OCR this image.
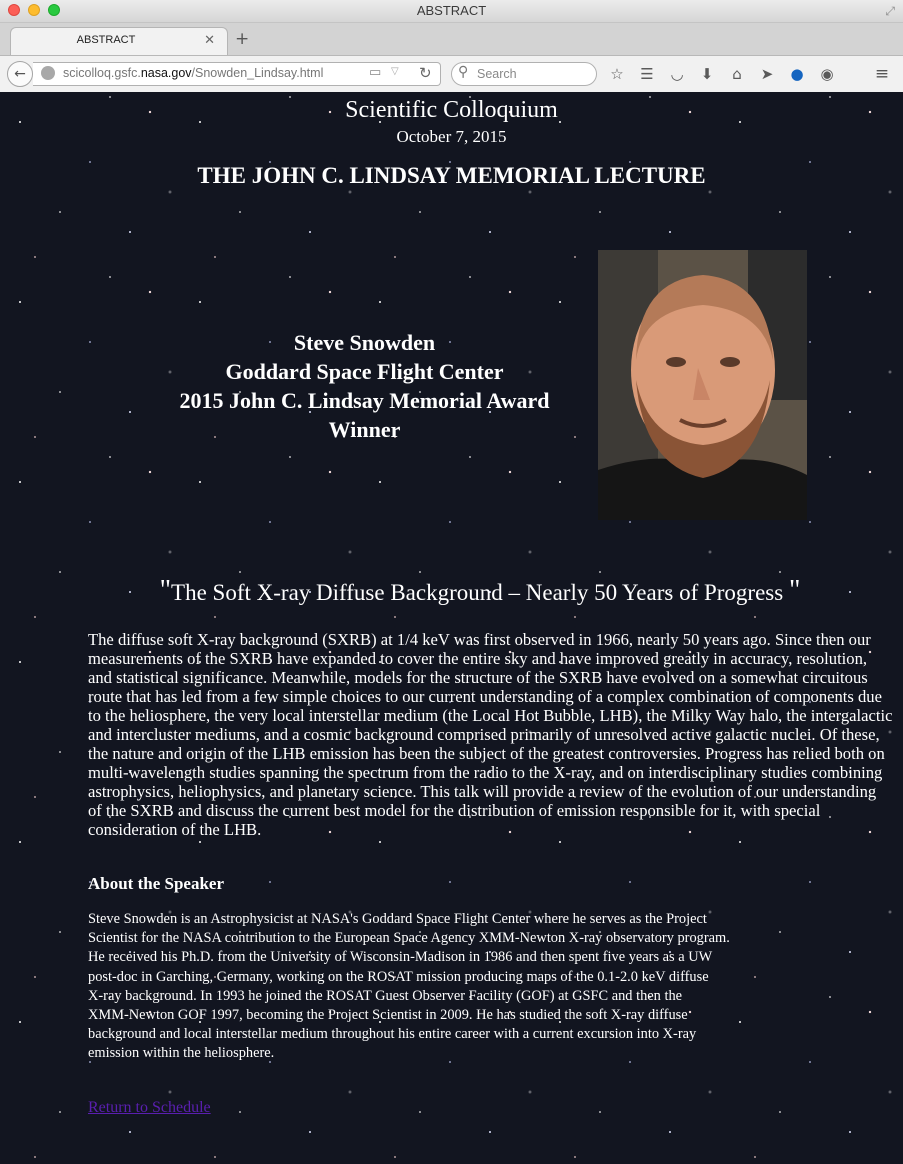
ABSTRACT	⤢
ABSTRACT	✕ +
←	scicolloq.gsfc.nasa.gov/Snowden_Lindsay.html	▭ ▽ ↻ ⚲ Search	☆ ☰ ◡	⬇	⌂	➤	● ◉ ≡
Scientific Colloquium
October 7, 2015
THE JOHN C. LINDSAY MEMORIAL LECTURE
Steve Snowden
Goddard Space Flight Center
2015 John C. Lindsay Memorial Award
Winner
"The Soft X-ray Diffuse Background – Nearly 50 Years of Progress "

The diffuse soft X-ray background (SXRB) at 1/4 keV was first observed in 1966, nearly 50 years ago. Since then our measurements of the SXRB have expanded to cover the entire sky and have improved greatly in accuracy, resolution, and statistical significance. Meanwhile, models for the structure of the SXRB have evolved on a somewhat circuitous route that has led from a few simple choices to our current understanding of a complex combination of components due to the heliosphere, the very local interstellar medium (the Local Hot Bubble, LHB), the Milky Way halo, the intergalactic and intercluster mediums, and a cosmic background comprised primarily of unresolved active galactic nuclei. Of these, the nature and origin of the LHB emission has been the subject of the greatest controversies. Progress has relied both on multi-wavelength studies spanning the spectrum from the radio to the X-ray, and on interdisciplinary studies combining astrophysics, heliophysics, and planetary science. This talk will provide a review of the evolution of our understanding of the SXRB and discuss the current best model for the distribution of emission responsible for it, with special consideration of the LHB.

About the Speaker
Steve Snowden is an Astrophysicist at NASA's Goddard Space Flight Center where he serves as the Project
Scientist for the NASA contribution to the European Space Agency XMM-Newton X-ray observatory program.
He received his Ph.D. from the University of Wisconsin-Madison in 1986 and then spent five years as a UW
post-doc in Garching, Germany, working on the ROSAT mission producing maps of the 0.1-2.0 keV diffuse
X-ray background. In 1993 he joined the ROSAT Guest Observer Facility (GOF) at GSFC and then the
XMM-Newton GOF 1997, becoming the Project Scientist in 2009. He has studied the soft X-ray diffuse
background and local interstellar medium throughout his entire career with a current excursion into X-ray
emission within the heliosphere.
Return to Schedule
